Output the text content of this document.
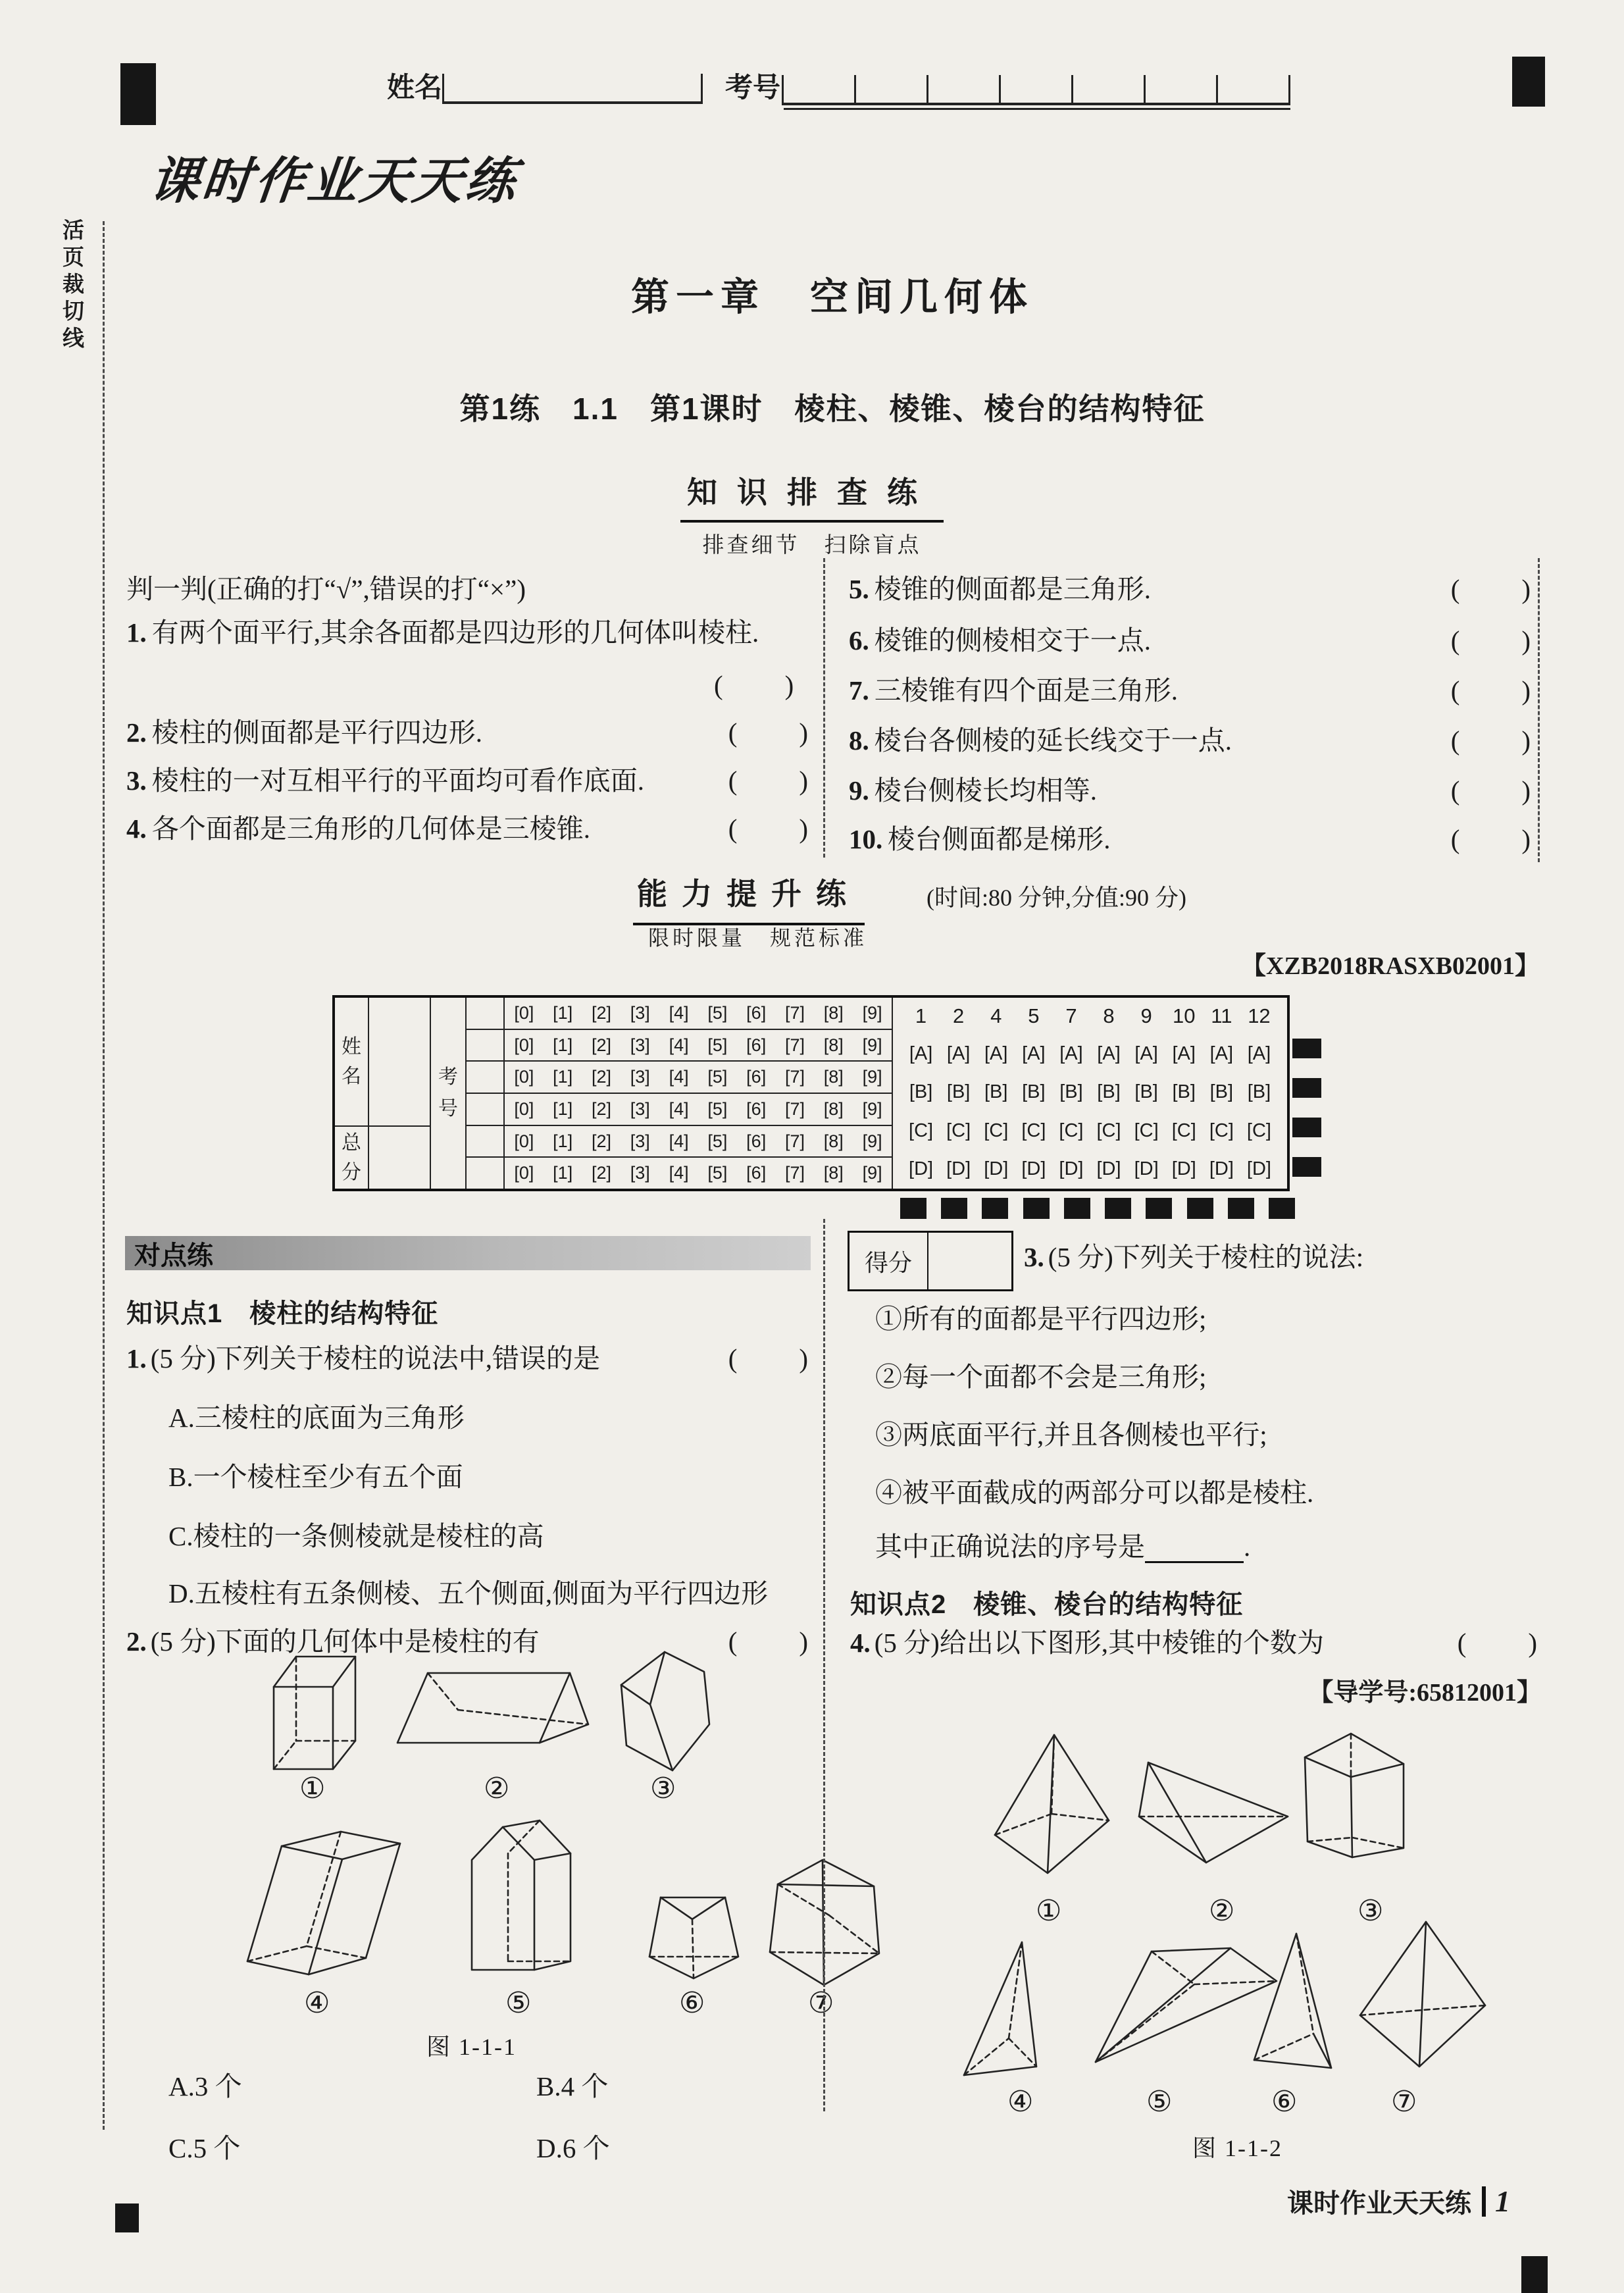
姓名	考号
活页裁切线
课时作业天天练
第一章　空间几何体
第1练　1.1　第1课时　棱柱、棱锥、棱台的结构特征
知识排查练
排查细节　扫除盲点
判一判(正确的打“√”,错误的打“×”)
1. 有两个面平行,其余各面都是四边形的几何体叫棱柱.
(　　)
2. 棱柱的侧面都是平行四边形.	(　　)
3. 棱柱的一对互相平行的平面均可看作底面.	(　　)
4. 各个面都是三角形的几何体是三棱锥.	(　　)
5. 棱锥的侧面都是三角形.	(　　)
6. 棱锥的侧棱相交于一点.	(　　)
7. 三棱锥有四个面是三角形.	(　　)
8. 棱台各侧棱的延长线交于一点.	(　　)
9. 棱台侧棱长均相等.	(　　)
10. 棱台侧面都是梯形.	(　　)
能力提升练	(时间:80 分钟,分值:90 分)
限时限量　规范标准
【XZB2018RASXB02001】
姓
名
总
分
考
号
[0]	[1]	[2]	[3]	[4]	[5]	[6]	[7]	[8]	[9]
[0]	[1]	[2]	[3]	[4]	[5]	[6]	[7]	[8]	[9]
[0]	[1]	[2]	[3]	[4]	[5]	[6]	[7]	[8]	[9]
[0]	[1]	[2]	[3]	[4]	[5]	[6]	[7]	[8]	[9]
[0]	[1]	[2]	[3]	[4]	[5]	[6]	[7]	[8]	[9]
[0]	[1]	[2]	[3]	[4]	[5]	[6]	[7]	[8]	[9]
1	2	4	5	7	8	9	10 11 12
[A] [A] [A] [A] [A] [A] [A] [A] [A] [A]
[B] [B] [B] [B] [B] [B] [B] [B] [B] [B]
[C] [C] [C] [C] [C] [C] [C] [C] [C] [C]
[D] [D] [D] [D] [D] [D] [D] [D] [D] [D]
对点练
知识点1　棱柱的结构特征
1. (5 分)下列关于棱柱的说法中,错误的是	(　　)
A.三棱柱的底面为三角形
B.一个棱柱至少有五个面
C.棱柱的一条侧棱就是棱柱的高
D.五棱柱有五条侧棱、五个侧面,侧面为平行四边形
2. (5 分)下面的几何体中是棱柱的有	(　　)
①	②	③
④	⑤	⑥	⑦
图 1-1-1
A.3 个	B.4 个
C.5 个	D.6 个
得分	3. (5 分)下列关于棱柱的说法:
①所有的面都是平行四边形;
②每一个面都不会是三角形;
③两底面平行,并且各侧棱也平行;
④被平面截成的两部分可以都是棱柱.
其中正确说法的序号是	.
知识点2　棱锥、棱台的结构特征
4. (5 分)给出以下图形,其中棱锥的个数为	(　　)
【导学号:65812001】
①	②	③
④	⑤	⑥	⑦
图 1-1-2
课时作业天天练 1
